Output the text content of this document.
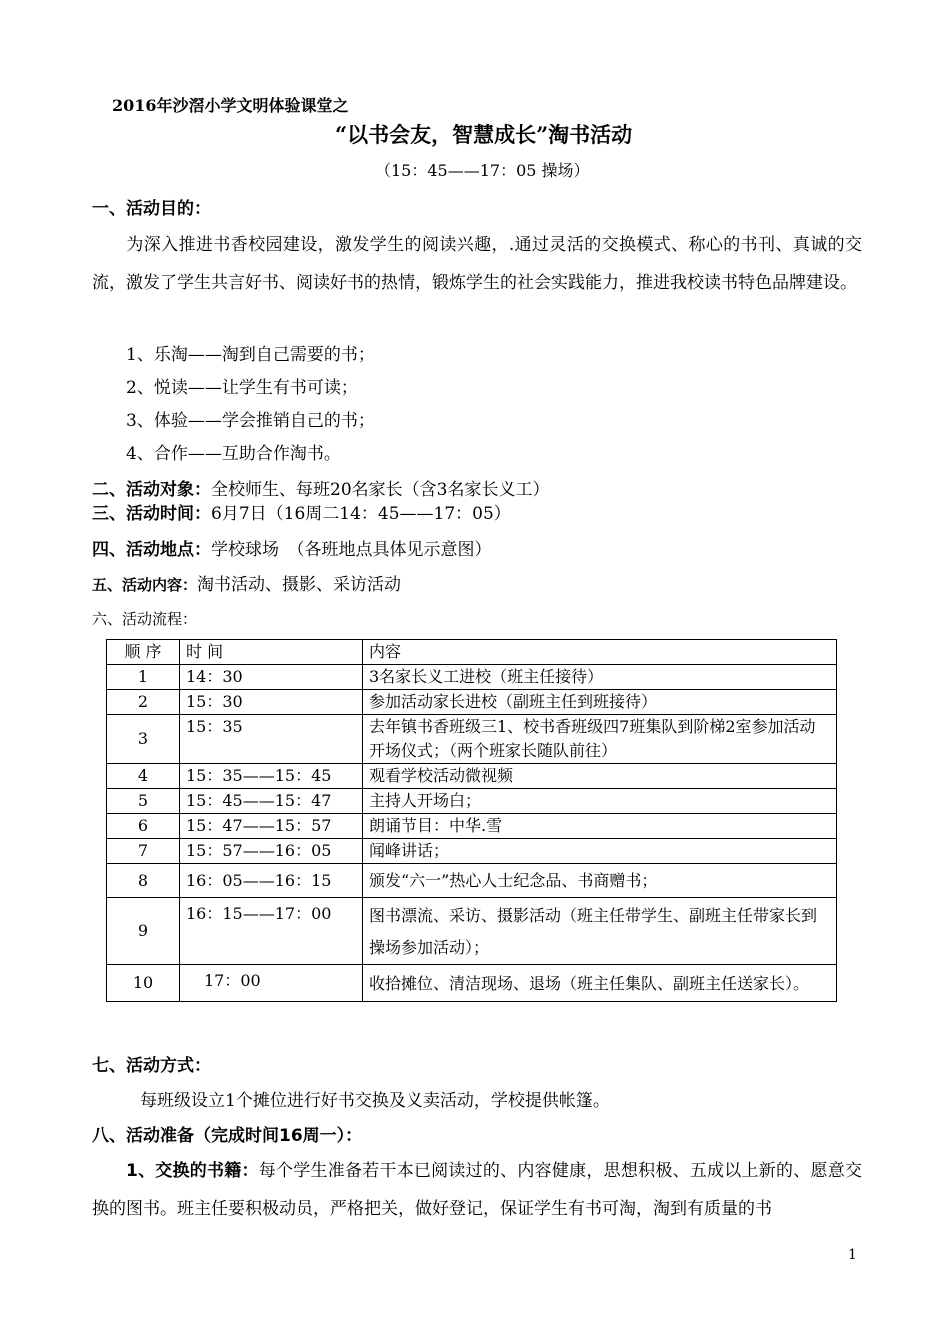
2016年沙滘小学文明体验课堂之
“以书会友，智慧成长”淘书活动
（15：45——17：05 操场）
一、活动目的：
为深入推进书香校园建设，激发学生的阅读兴趣，.通过灵活的交换模式、称心的书刊、真诚的交流，激发了学生共言好书、阅读好书的热情，锻炼学生的社会实践能力，推进我校读书特色品牌建设。
1、乐淘——淘到自己需要的书；
2、悦读——让学生有书可读；
3、体验——学会推销自己的书；
4、合作——互助合作淘书。
二、活动对象：全校师生、每班20名家长（含3名家长义工）
三、活动时间：6月7日（16周二14：45——17：05）
四、活动地点：学校球场　（各班地点具体见示意图）
五、活动内容：淘书活动、摄影、采访活动
六、活动流程：
顺 序	时 间	内容
1	14：30	3名家长义工进校（班主任接待）
2	15：30	参加活动家长进校（副班主任到班接待）
3	15：35	去年镇书香班级三1、校书香班级四7班集队到阶梯2室参加活动开场仪式；（两个班家长随队前往）
4	15：35——15：45	观看学校活动微视频
5	15：45——15：47	主持人开场白；
6	15：47——15：57	朗诵节目：中华.雪
7	15：57——16：05	闻峰讲话；
8	16：05——16：15	颁发“六一”热心人士纪念品、书商赠书；
9	16：15——17：00	图书漂流、采访、摄影活动（班主任带学生、副班主任带家长到操场参加活动）；
10	17：00	收拾摊位、清洁现场、退场（班主任集队、副班主任送家长）。
七、活动方式：
每班级设立1个摊位进行好书交换及义卖活动，学校提供帐篷。
八、活动准备（完成时间16周一）：
1、交换的书籍：每个学生准备若干本已阅读过的、内容健康，思想积极、五成以上新的、愿意交换的图书。班主任要积极动员，严格把关，做好登记，保证学生有书可淘，淘到有质量的书
1
